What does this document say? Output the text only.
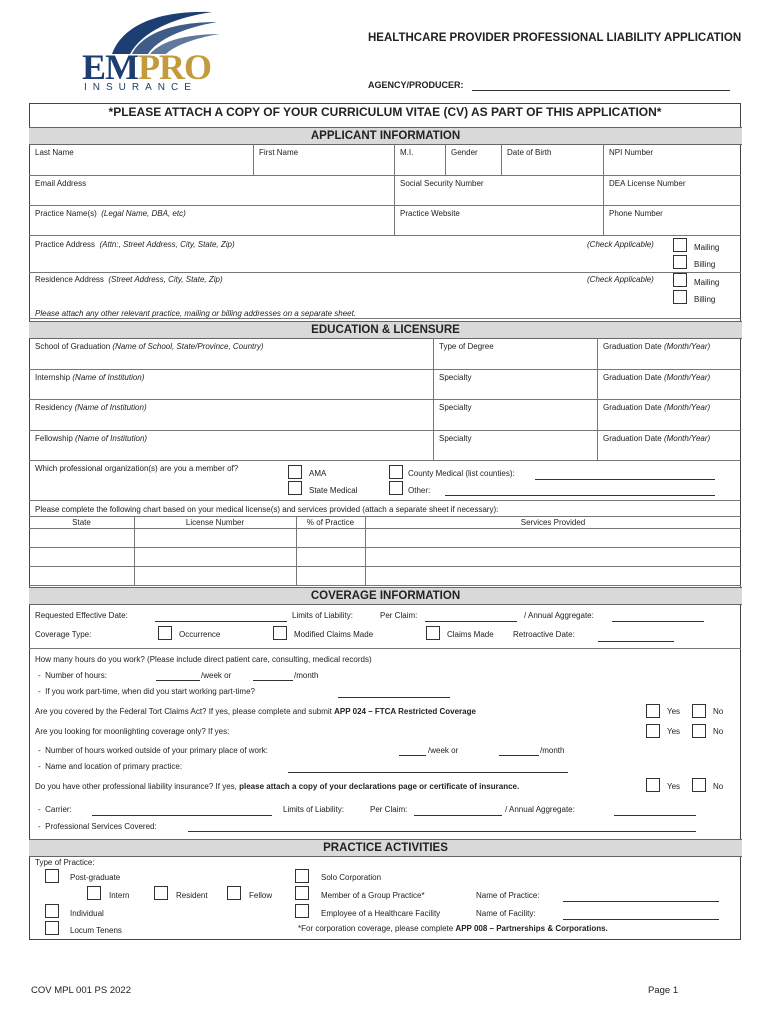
EMPRO
INSURANCE
HEALTHCARE PROVIDER PROFESSIONAL LIABILITY APPLICATION
AGENCY/PRODUCER:
*PLEASE ATTACH A COPY OF YOUR CURRICULUM VITAE (CV) AS PART OF THIS APPLICATION*
APPLICANT INFORMATION
Last Name	First Name	M.I.	Gender	Date of Birth	NPI Number
Email Address	Social Security Number	DEA License Number
Practice Name(s) (Legal Name, DBA, etc)	Practice Website	Phone Number
Practice Address (Attn:, Street Address, City, State, Zip)	(Check Applicable)	Mailing
Billing
Residence Address (Street Address, City, State, Zip)	(Check Applicable)	Mailing
Billing
Please attach any other relevant practice, mailing or billing addresses on a separate sheet.
EDUCATION & LICENSURE
School of Graduation (Name of School, State/Province, Country)	Type of Degree	Graduation Date (Month/Year)
Internship (Name of Institution)	Specialty	Graduation Date (Month/Year)
Residency (Name of Institution)	Specialty	Graduation Date (Month/Year)
Fellowship (Name of Institution)	Specialty	Graduation Date (Month/Year)
Which professional organization(s) are you a member of?
AMA
State Medical
County Medical (list counties):
Other:
Please complete the following chart based on your medical license(s) and services provided (attach a separate sheet if necessary):
State	License Number	% of Practice	Services Provided
COVERAGE INFORMATION
Requested Effective Date:	Limits of Liability:	Per Claim:	/ Annual Aggregate:
Coverage Type:	Occurrence	Modified Claims Made	Claims Made Retroactive Date:
How many hours do you work? (Please include direct patient care, consulting, medical records)
-  Number of hours:	/week or	/month
-  If you work part-time, when did you start working part-time?
Are you covered by the Federal Tort Claims Act? If yes, please complete and submit APP 024 – FTCA Restricted Coverage	Yes	No
Are you looking for moonlighting coverage only? If yes:	Yes	No
-  Number of hours worked outside of your primary place of work:	/week or	/month
-  Name and location of primary practice:
Do you have other professional liability insurance? If yes, please attach a copy of your declarations page or certificate of insurance.	Yes	No
-  Carrier:	Limits of Liability:	Per Claim:	/ Annual Aggregate:
-  Professional Services Covered:
PRACTICE ACTIVITIES
Type of Practice:
Post-graduate
Intern	Resident	Fellow
Individual
Locum Tenens
Solo Corporation
Member of a Group Practice*	Name of Practice:
Employee of a Healthcare Facility	Name of Facility:
*For corporation coverage, please complete APP 008 – Partnerships & Corporations.
COV MPL 001 PS 2022	Page 1
